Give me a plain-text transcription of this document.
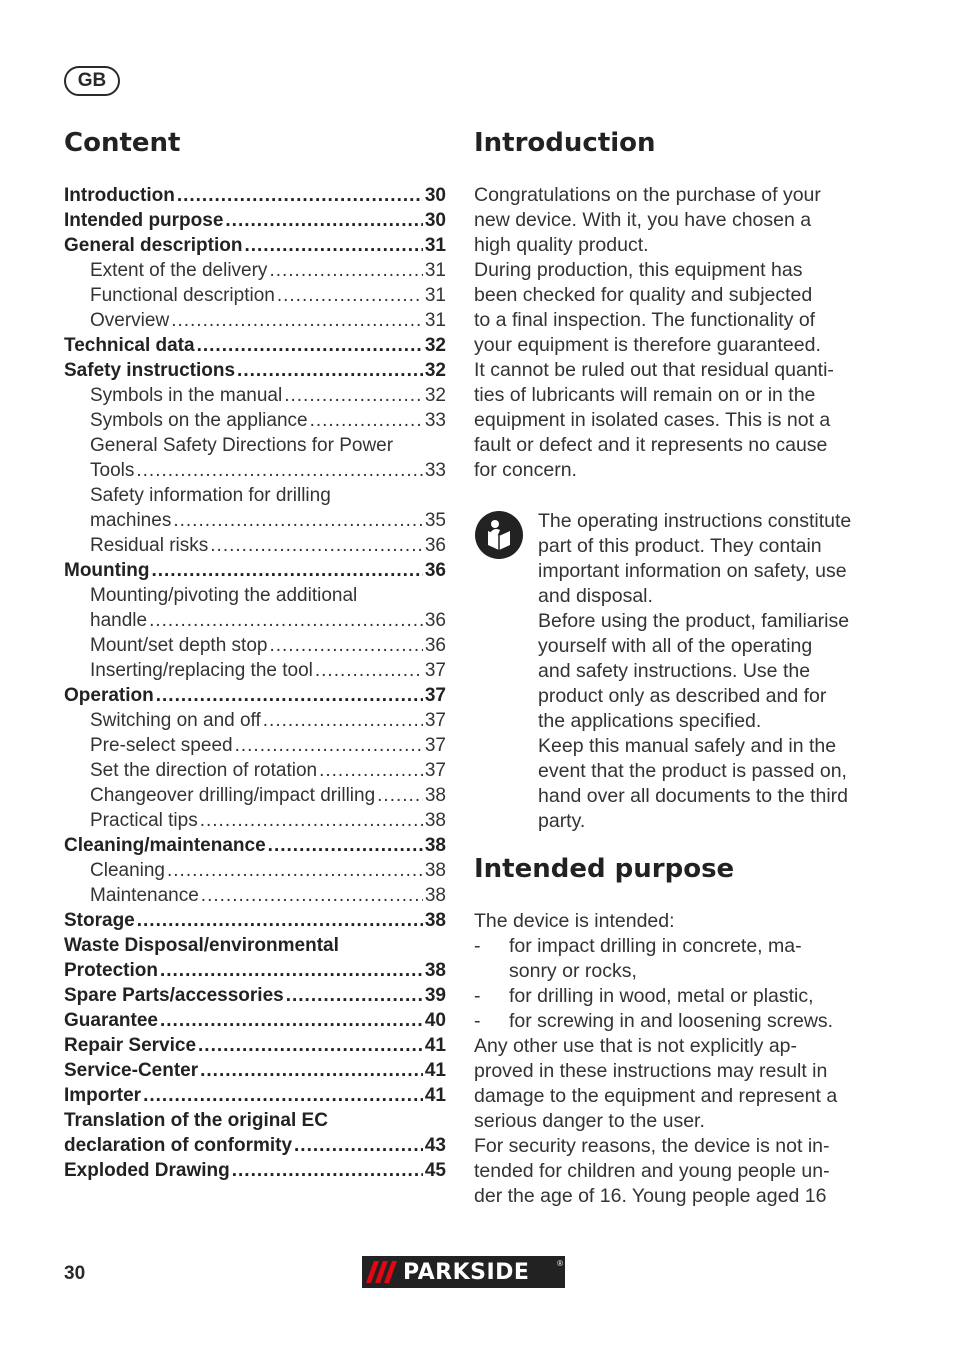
GB
Content
Introduction .....	30
Intended purpose .....	30
General description .....	31
Extent of the delivery .....	31
Functional description .....	31
Overview .....	31
Technical data .....	32
Safety instructions .....	32
Symbols in the manual .....	32
Symbols on the appliance .....	33
General Safety Directions for Power
Tools .....	33
Safety information for drilling
machines .....	35
Residual risks .....	36
Mounting .....	36
Mounting/pivoting the additional
handle .....	36
Mount/set depth stop .....	36
Inserting/replacing the tool .....	37
Operation .....	37
Switching on and off .....	37
Pre-select speed .....	37
Set the direction of rotation .....	37
Changeover drilling/impact drilling .....	38
Practical tips .....	38
Cleaning/maintenance .....	38
Cleaning .....	38
Maintenance .....	38
Storage .....	38
Waste Disposal/environmental
Protection .....	38
Spare Parts/accessories .....	39
Guarantee .....	40
Repair Service .....	41
Service-Center .....	41
Importer .....	41
Translation of the original EC
declaration of conformity .....	43
Exploded Drawing .....	45
Introduction

Congratulations on the purchase of your

new device. With it, you have chosen a

high quality product.

During production, this equipment has

been checked for quality and subjected

to a final inspection. The functionality of

your equipment is therefore guaranteed.

It cannot be ruled out that residual quanti-

ties of lubricants will remain on or in the

equipment in isolated cases. This is not a

fault or defect and it represents no cause

for concern.

The operating instructions constitute

part of this product. They contain

important information on safety, use

and disposal.

Before using the product, familiarise

yourself with all of the operating

and safety instructions. Use the

product only as described and for

the applications specified.

Keep this manual safely and in the

event that the product is passed on,

hand over all documents to the third

party.

Intended purpose

The device is intended:

-	for impact drilling in concrete, ma-
sonry or rocks,
-	for drilling in wood, metal or plastic,
-	for screwing in and loosening screws.

Any other use that is not explicitly ap-

proved in these instructions may result in

damage to the equipment and represent a

serious danger to the user.

For security reasons, the device is not in-

tended for children and young people un-

der the age of 16. Young people aged 16

30	PARKSIDE	®
